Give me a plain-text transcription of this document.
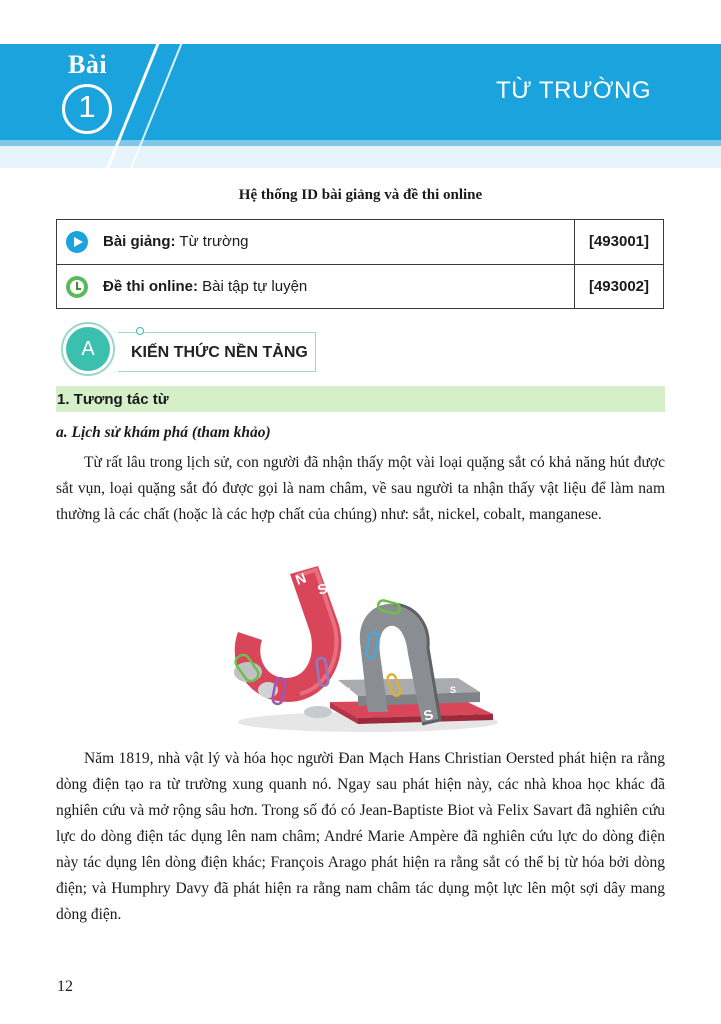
Bài
1	TỪ TRƯỜNG
Hệ thống ID bài giảng và đề thi online
Bài giảng: Từ trường	[493001]
Đề thi online: Bài tập tự luyện	[493002]
A	KIẾN THỨC NỀN TẢNG
1. Tương tác từ
a. Lịch sử khám phá (tham khảo)

Từ rất lâu trong lịch sử, con người đã nhận thấy một vài loại quặng sắt có khả năng hút được sắt vụn, loại quặng sắt đó được gọi là nam châm, về sau người ta nhận thấy vật liệu để làm nam thường là các chất (hoặc là các hợp chất của chúng) như: sắt, nickel, cobalt, manganese.

N
S
N	S
S
N

Năm 1819, nhà vật lý và hóa học người Đan Mạch Hans Christian Oersted phát hiện ra rằng dòng điện tạo ra từ trường xung quanh nó. Ngay sau phát hiện này, các nhà khoa học khác đã nghiên cứu và mở rộng sâu hơn. Trong số đó có Jean-Baptiste Biot và Felix Savart đã nghiên cứu lực do dòng điện tác dụng lên nam châm; André Marie Ampère đã nghiên cứu lực do dòng điện này tác dụng lên dòng điện khác; François Arago phát hiện ra rằng sắt có thể bị từ hóa bởi dòng điện; và Humphry Davy đã phát hiện ra rằng nam châm tác dụng một lực lên một sợi dây mang dòng điện.

12
